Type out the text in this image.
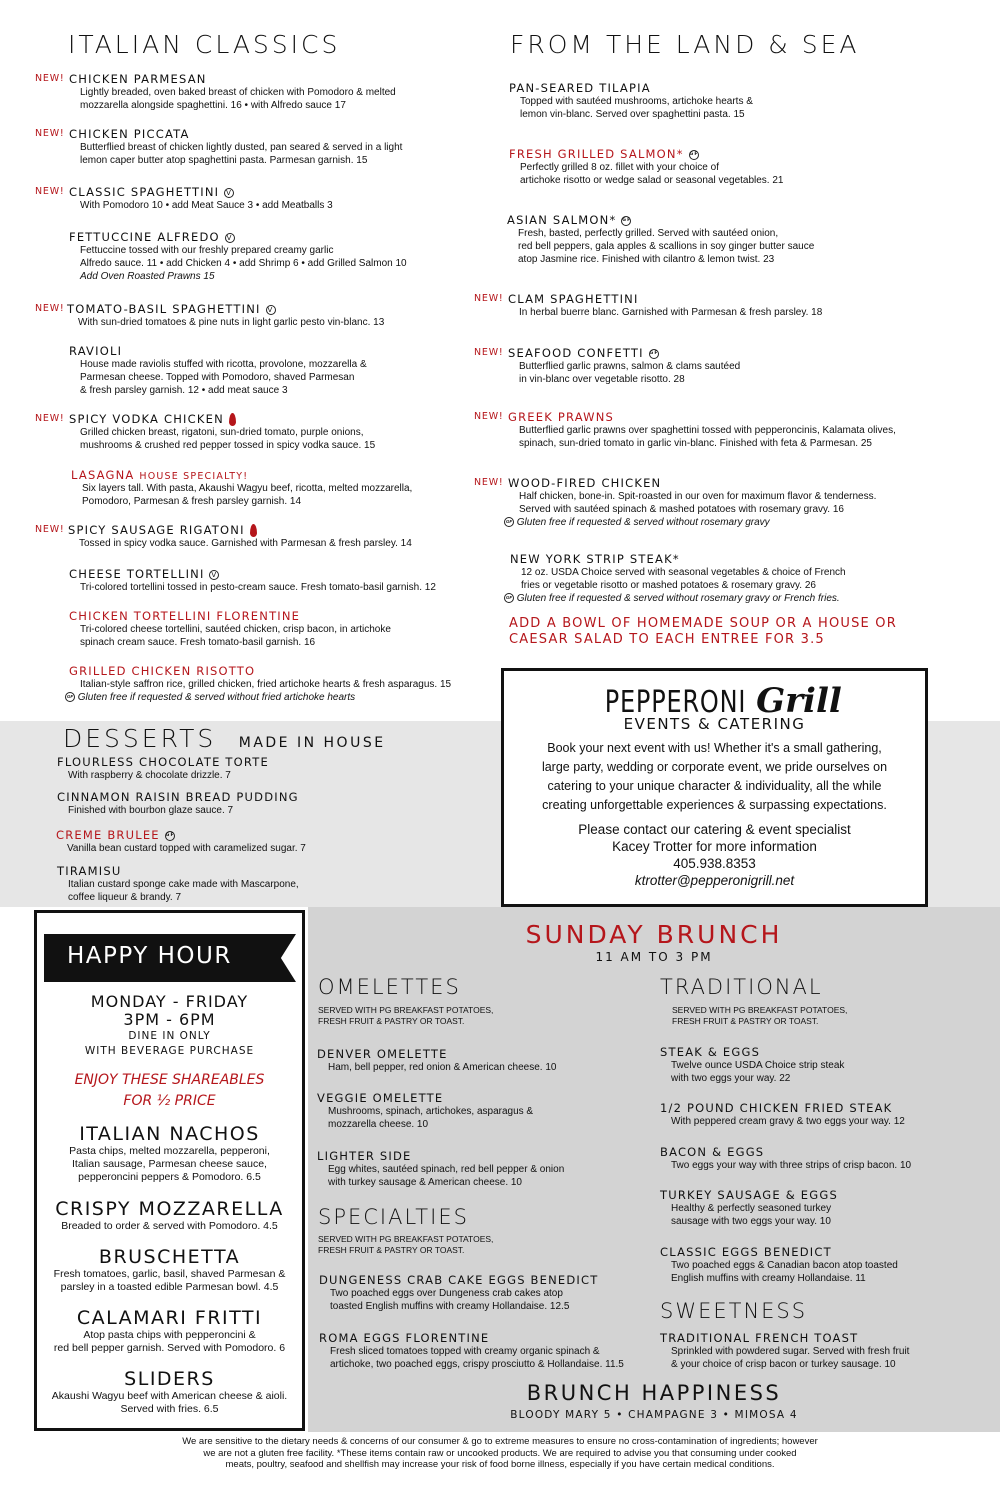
ITALIAN CLASSICS
NEW! CHICKEN PARMESAN
Lightly breaded, oven baked breast of chicken with Pomodoro & melted
mozzarella alongside spaghettini. 16 • with Alfredo sauce 17
NEW! CHICKEN PICCATA
Butterflied breast of chicken lightly dusted, pan seared & served in a light
lemon caper butter atop spaghettini pasta. Parmesan garnish. 15
NEW! CLASSIC SPAGHETTINI V
With Pomodoro 10 • add Meat Sauce 3 • add Meatballs 3
FETTUCCINE ALFREDO V
Fettuccine tossed with our freshly prepared creamy garlic
Alfredo sauce. 11 • add Chicken 4 • add Shrimp 6 • add Grilled Salmon 10
Add Oven Roasted Prawns 15
NEW! TOMATO-BASIL SPAGHETTINI V
With sun-dried tomatoes & pine nuts in light garlic pesto vin-blanc. 13
RAVIOLI
House made raviolis stuffed with ricotta, provolone, mozzarella &
Parmesan cheese. Topped with Pomodoro, shaved Parmesan
& fresh parsley garnish. 12 • add meat sauce 3
NEW! SPICY VODKA CHICKEN
Grilled chicken breast, rigatoni, sun-dried tomato, purple onions,
mushrooms & crushed red pepper tossed in spicy vodka sauce. 15
LASAGNA HOUSE SPECIALTY!
Six layers tall. With pasta, Akaushi Wagyu beef, ricotta, melted mozzarella,
Pomodoro, Parmesan & fresh parsley garnish. 14
NEW! SPICY SAUSAGE RIGATONI
Tossed in spicy vodka sauce. Garnished with Parmesan & fresh parsley. 14
CHEESE TORTELLINI V
Tri-colored tortellini tossed in pesto-cream sauce. Fresh tomato-basil garnish. 12
CHICKEN TORTELLINI FLORENTINE
Tri-colored cheese tortellini, sautéed chicken, crisp bacon, in artichoke
spinach cream sauce. Fresh tomato-basil garnish. 16
GRILLED CHICKEN RISOTTO
Italian-style saffron rice, grilled chicken, fried artichoke hearts & fresh asparagus. 15
GF Gluten free if requested & served without fried artichoke hearts
FROM THE LAND & SEA
PAN-SEARED TILAPIA
Topped with sautéed mushrooms, artichoke hearts &
lemon vin-blanc. Served over spaghettini pasta. 15
FRESH GRILLED SALMON* GF
Perfectly grilled 8 oz. fillet with your choice of
artichoke risotto or wedge salad or seasonal vegetables. 21
ASIAN SALMON* GF
Fresh, basted, perfectly grilled. Served with sautéed onion,
red bell peppers, gala apples & scallions in soy ginger butter sauce
atop Jasmine rice. Finished with cilantro & lemon twist. 23
NEW! CLAM SPAGHETTINI
In herbal buerre blanc. Garnished with Parmesan & fresh parsley. 18
NEW! SEAFOOD CONFETTI GF
Butterflied garlic prawns, salmon & clams sautéed
in vin-blanc over vegetable risotto. 28
NEW! GREEK PRAWNS
Butterflied garlic prawns over spaghettini tossed with pepperoncinis, Kalamata olives,
spinach, sun-dried tomato in garlic vin-blanc. Finished with feta & Parmesan. 25
NEW! WOOD-FIRED CHICKEN
Half chicken, bone-in. Spit-roasted in our oven for maximum flavor & tenderness.
Served with sautéed spinach & mashed potatoes with rosemary gravy. 16
GF Gluten free if requested & served without rosemary gravy
NEW YORK STRIP STEAK*
12 oz. USDA Choice served with seasonal vegetables & choice of French
fries or vegetable risotto or mashed potatoes & rosemary gravy. 26
GF Gluten free if requested & served without rosemary gravy or French fries.
ADD A BOWL OF HOMEMADE SOUP OR A HOUSE OR
CAESAR SALAD TO EACH ENTREE FOR 3.5
DESSERTS MADE IN HOUSE
FLOURLESS CHOCOLATE TORTE
With raspberry & chocolate drizzle. 7
CINNAMON RAISIN BREAD PUDDING
Finished with bourbon glaze sauce. 7
CREME BRULEE GF
Vanilla bean custard topped with caramelized sugar. 7
TIRAMISU
Italian custard sponge cake made with Mascarpone,
coffee liqueur & brandy. 7
PEPPERONI Grill
EVENTS & CATERING
Book your next event with us! Whether it's a small gathering,
large party, wedding or corporate event, we pride ourselves on
catering to your unique character & individuality, all the while
creating unforgettable experiences & surpassing expectations.
Please contact our catering & event specialist
Kacey Trotter for more information
405.938.8353
ktrotter@pepperonigrill.net
HAPPY HOUR
MONDAY - FRIDAY
3PM - 6PM
DINE IN ONLY
WITH BEVERAGE PURCHASE
ENJOY THESE SHAREABLES
FOR ½ PRICE
ITALIAN NACHOS
Pasta chips, melted mozzarella, pepperoni,
Italian sausage, Parmesan cheese sauce,
pepperoncini peppers & Pomodoro. 6.5
CRISPY MOZZARELLA
Breaded to order & served with Pomodoro. 4.5
BRUSCHETTA
Fresh tomatoes, garlic, basil, shaved Parmesan &
parsley in a toasted edible Parmesan bowl. 4.5
CALAMARI FRITTI
Atop pasta chips with pepperoncini &
red bell pepper garnish. Served with Pomodoro. 6
SLIDERS
Akaushi Wagyu beef with American cheese & aioli.
Served with fries. 6.5
SUNDAY BRUNCH
11 AM TO 3 PM
OMELETTES
SERVED WITH PG BREAKFAST POTATOES,
FRESH FRUIT & PASTRY OR TOAST.
DENVER OMELETTE
Ham, bell pepper, red onion & American cheese. 10
VEGGIE OMELETTE
Mushrooms, spinach, artichokes, asparagus &
mozzarella cheese. 10
LIGHTER SIDE
Egg whites, sautéed spinach, red bell pepper & onion
with turkey sausage & American cheese. 10
SPECIALTIES
SERVED WITH PG BREAKFAST POTATOES,
FRESH FRUIT & PASTRY OR TOAST.
DUNGENESS CRAB CAKE EGGS BENEDICT
Two poached eggs over Dungeness crab cakes atop
toasted English muffins with creamy Hollandaise. 12.5
ROMA EGGS FLORENTINE
Fresh sliced tomatoes topped with creamy organic spinach &
artichoke, two poached eggs, crispy prosciutto & Hollandaise. 11.5
TRADITIONAL
SERVED WITH PG BREAKFAST POTATOES,
FRESH FRUIT & PASTRY OR TOAST.
STEAK & EGGS
Twelve ounce USDA Choice strip steak
with two eggs your way. 22
1/2 POUND CHICKEN FRIED STEAK
With peppered cream gravy & two eggs your way. 12
BACON & EGGS
Two eggs your way with three strips of crisp bacon. 10
TURKEY SAUSAGE & EGGS
Healthy & perfectly seasoned turkey
sausage with two eggs your way. 10
CLASSIC EGGS BENEDICT
Two poached eggs & Canadian bacon atop toasted
English muffins with creamy Hollandaise. 11
SWEETNESS
TRADITIONAL FRENCH TOAST
Sprinkled with powdered sugar. Served with fresh fruit
& your choice of crisp bacon or turkey sausage. 10
BRUNCH HAPPINESS
BLOODY MARY 5 • CHAMPAGNE 3 • MIMOSA 4
We are sensitive to the dietary needs & concerns of our consumer & go to extreme measures to ensure no cross-contamination of ingredients; however
we are not a gluten free facility. *These items contain raw or uncooked products. We are required to advise you that consuming under cooked
meats, poultry, seafood and shellfish may increase your risk of food borne illness, especially if you have certain medical conditions.
